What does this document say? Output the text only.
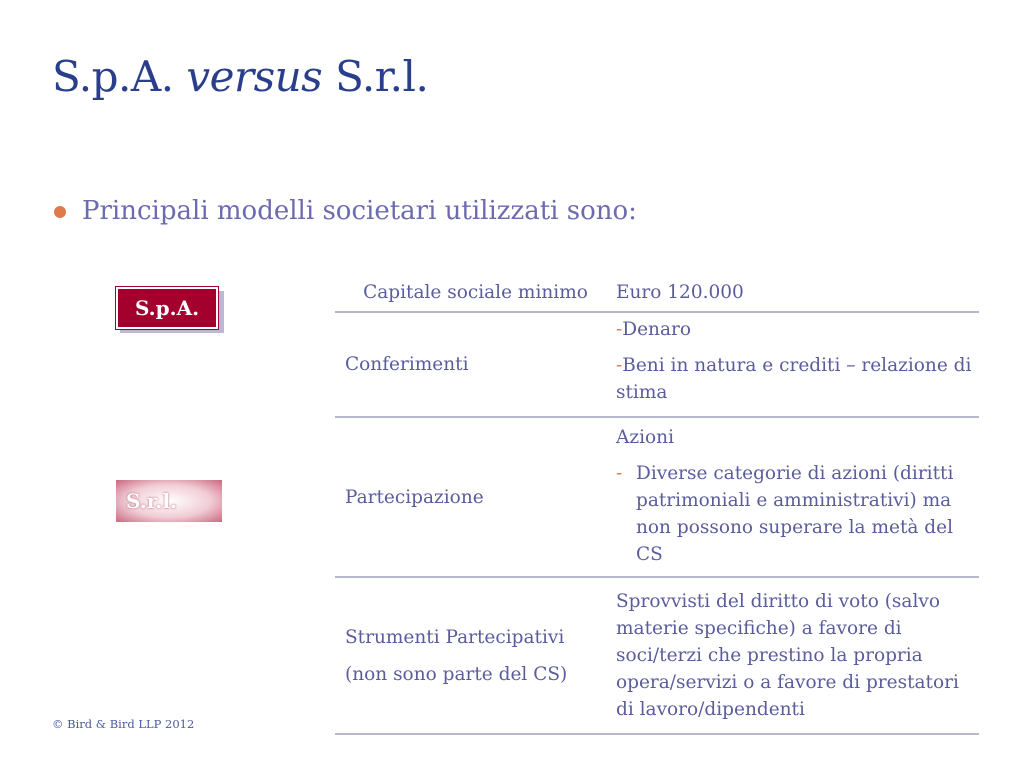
S.p.A. versus S.r.l.
Principali modelli societari utilizzati sono:
S.p.A.
S.r.l.
Capitale sociale minimo	Euro 120.000
Conferimenti
-Denaro
-Beni in natura e crediti – relazione di stima
Partecipazione
Azioni
- Diverse categorie di azioni (diritti patrimoniali e amministrativi) ma non possono superare la metà del CS
Strumenti Partecipativi
(non sono parte del CS)
Sprovvisti del diritto di voto (salvo materie specifiche) a favore di soci/terzi che prestino la propria opera/servizi o a favore di prestatori di lavoro/dipendenti
© Bird & Bird LLP 2012
